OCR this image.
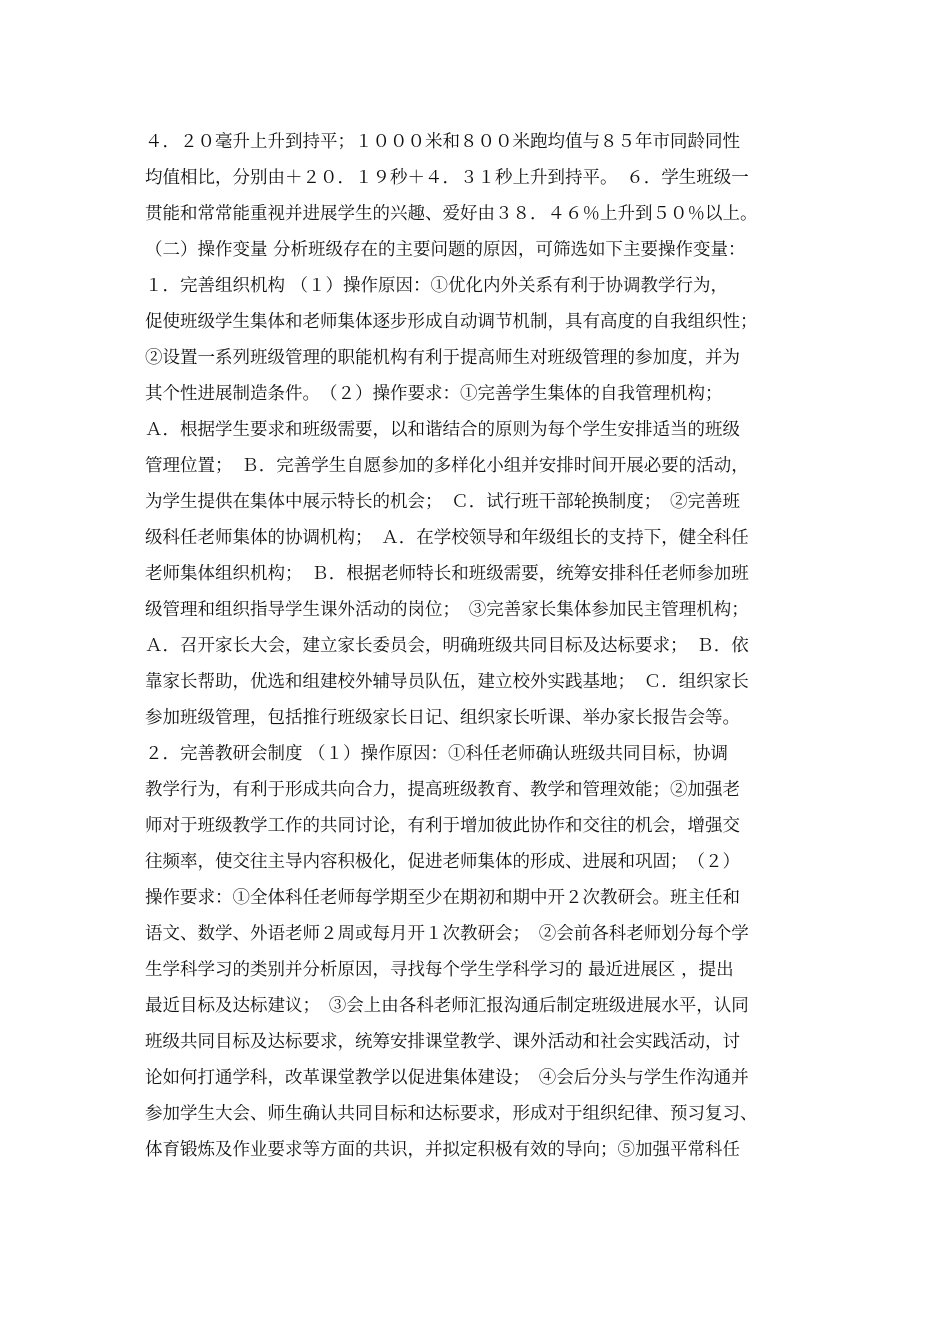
４．２０毫升上升到持平；１０００米和８００米跑均值与８５年市同龄同性
均值相比，分别由＋２０．１９秒＋４．３１秒上升到持平。　６．学生班级一
贯能和常常能重视并进展学生的兴趣、爱好由３８．４６％上升到５０％以上。
（二）操作变量 分析班级存在的主要问题的原因，可筛选如下主要操作变量：
１．完善组织机构 （１）操作原因：①优化内外关系有利于协调教学行为，
促使班级学生集体和老师集体逐步形成自动调节机制，具有高度的自我组织性；
②设置一系列班级管理的职能机构有利于提高师生对班级管理的参加度，并为
其个性进展制造条件。　（２）操作要求：①完善学生集体的自我管理机构；
Ａ．根据学生要求和班级需要，以和谐结合的原则为每个学生安排适当的班级
管理位置；　Ｂ．完善学生自愿参加的多样化小组并安排时间开展必要的活动，
为学生提供在集体中展示特长的机会；　Ｃ．试行班干部轮换制度；　②完善班
级科任老师集体的协调机构；　Ａ．在学校领导和年级组长的支持下，健全科任
老师集体组织机构；　Ｂ．根据老师特长和班级需要，统筹安排科任老师参加班
级管理和组织指导学生课外活动的岗位；　③完善家长集体参加民主管理机构；
Ａ．召开家长大会，建立家长委员会，明确班级共同目标及达标要求；　Ｂ．依
靠家长帮助，优选和组建校外辅导员队伍，建立校外实践基地；　Ｃ．组织家长
参加班级管理，包括推行班级家长日记、组织家长听课、举办家长报告会等。
２．完善教研会制度 （１）操作原因：①科任老师确认班级共同目标，协调
教学行为，有利于形成共向合力，提高班级教育、教学和管理效能；②加强老
师对于班级教学工作的共同讨论，有利于增加彼此协作和交往的机会，增强交
往频率，使交往主导内容积极化，促进老师集体的形成、进展和巩固；　（２）
操作要求：①全体科任老师每学期至少在期初和期中开２次教研会。班主任和
语文、数学、外语老师２周或每月开１次教研会；　②会前各科老师划分每个学
生学科学习的类别并分析原因，寻找每个学生学科学习的 最近进展区 ，提出
最近目标及达标建议；　③会上由各科老师汇报沟通后制定班级进展水平，认同
班级共同目标及达标要求，统筹安排课堂教学、课外活动和社会实践活动，讨
论如何打通学科，改革课堂教学以促进集体建设；　④会后分头与学生作沟通并
参加学生大会、师生确认共同目标和达标要求，形成对于组织纪律、预习复习、
体育锻炼及作业要求等方面的共识，并拟定积极有效的导向；⑤加强平常科任
